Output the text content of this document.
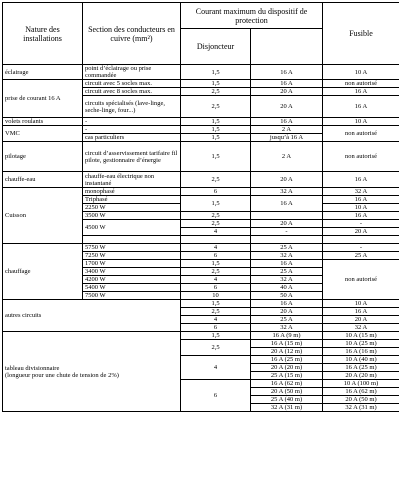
Nature des installations	Section des conducteurs en cuivre (mm²)	Courant maximum du dispositif de protection		Fusible
		Disjoncteur		
éclairage	point d’éclairage ou prise commandée	1,5	16 A	10 A
prise de courant 16 A	circuit avec 5 socles max.	1,5	16 A	non autorisé
	circuit avec 8 socles max.	2,5	20 A	16 A
	circuits spécialisés (lave-linge, seche-linge, four...)	2,5	20 A	16 A
volets roulants	-	1,5	16 A	10 A
VMC	-	1,5	2 A	non autorisé
	cas particuliers	1,5	jusqu’à 16 A	
pilotage	circuit d’asservissement tarifaire fil pilote, gestionnaire d’énergie	1,5	2 A	non autorisé
chauffe-eau	chauffe-eau électrique non instantané	2,5	20 A	16 A
Cuisson	monophasé	6	32 A	32 A
	Triphasé	1,5	16 A	16 A
	2250 W			10 A
	3500 W	2,5		16 A
	4500 W	2,5	20 A	-
		4	-	20 A

chauffage	5750 W	4	25 A	-
	7250 W	6	32 A	25 A
	1700 W	1,5	16 A	non autorisé
	3400 W	2,5	25 A	
	4200 W	4	32 A	
	5400 W	6	40 A	
	7500 W	10	50 A	
autres circuits		1,5	16 A	10 A
		2,5	20 A	16 A
		4	25 A	20 A
		6	32 A	32 A
tableau divisionnaire
(longueur pour une chute de tension de 2%)		1,5	16 A (9 m)	10 A (15 m)
		2,5	16 A (15 m)	10 A (25 m)
			20 A (12 m)	16 A (16 m)
		4	16 A (25 m)	10 A (40 m)
			20 A (20 m)	16 A (25 m)
			25 A (15 m)	20 A (20 m)
		6	16 A (62 m)	10 A (100 m)
			20 A (50 m)	16 A (62 m)
			25 A (40 m)	20 A (50 m)
			32 A (31 m)	32 A (31 m)
